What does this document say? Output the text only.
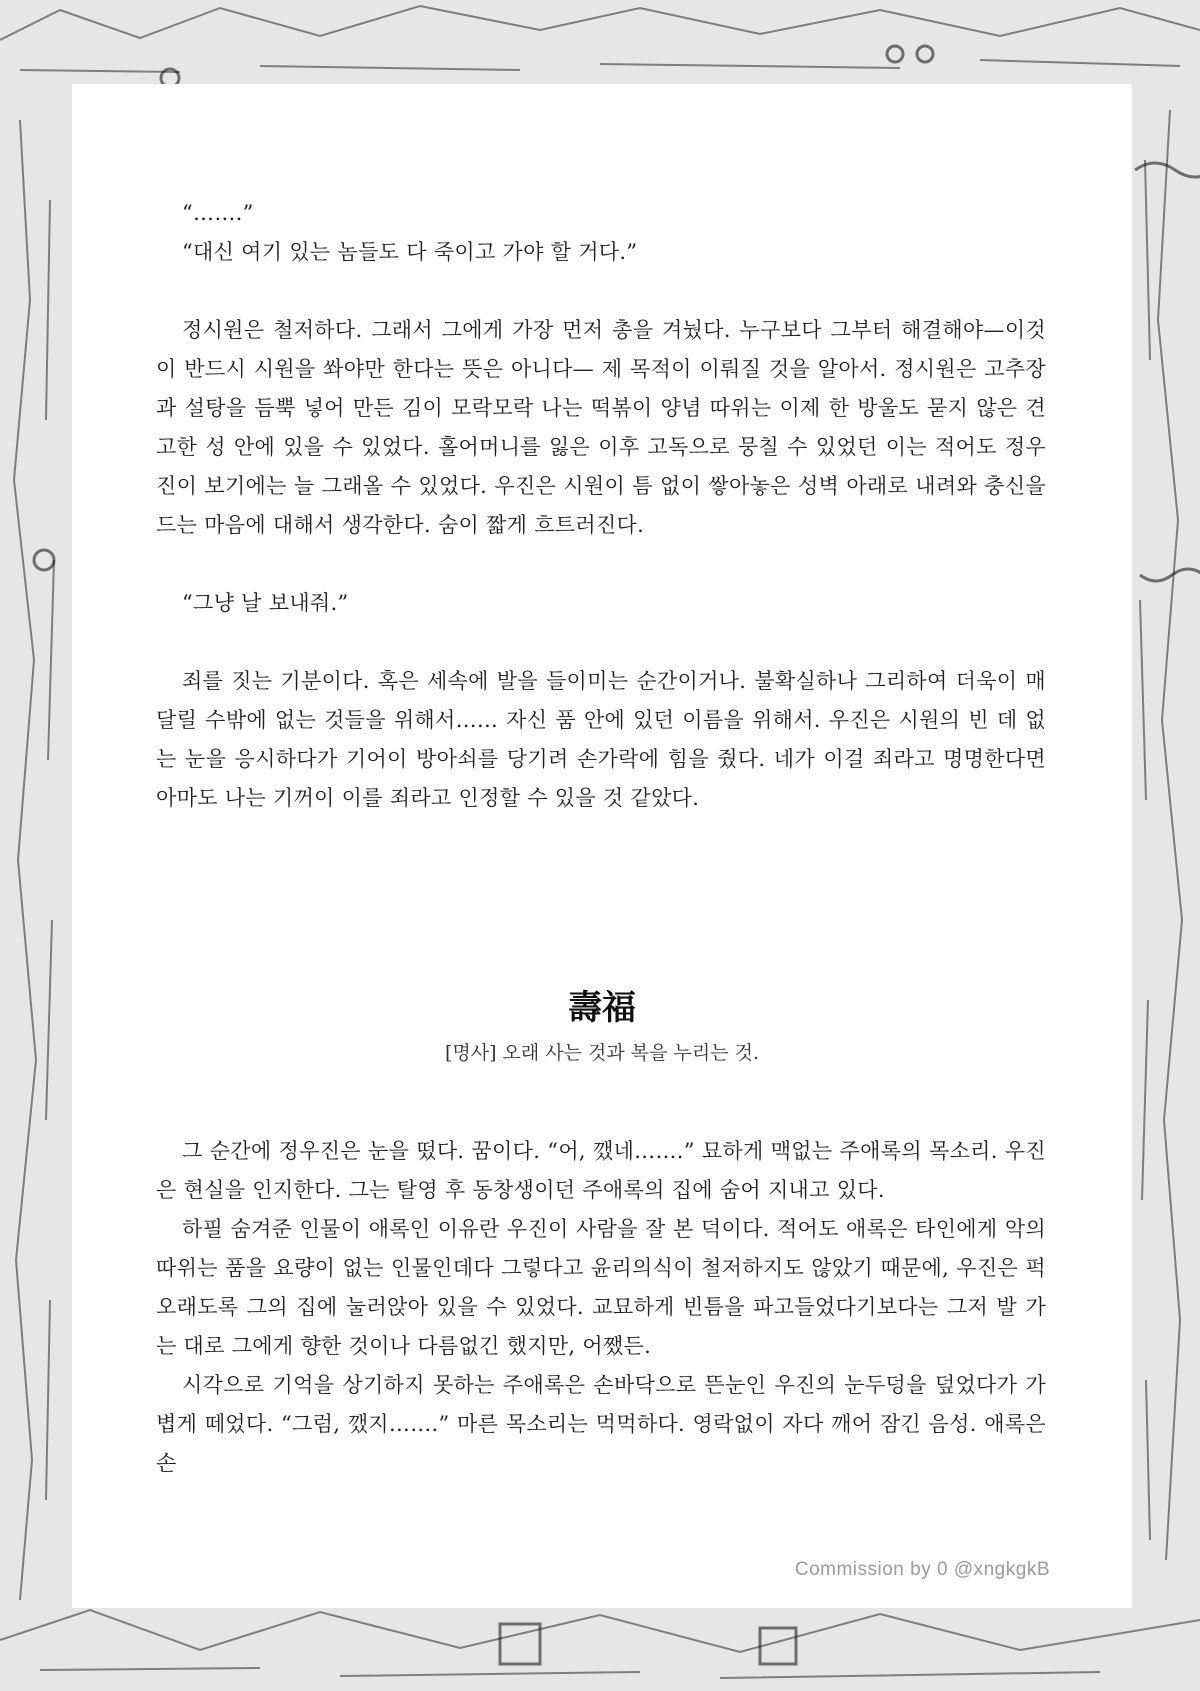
“…….”

“대신 여기 있는 놈들도 다 죽이고 가야 할 거다.”

정시원은 철저하다. 그래서 그에게 가장 먼저 총을 겨눴다. 누구보다 그부터 해결해야—이것이 반드시 시원을 쏴야만 한다는 뜻은 아니다— 제 목적이 이뤄질 것을 알아서. 정시원은 고추장과 설탕을 듬뿍 넣어 만든 김이 모락모락 나는 떡볶이 양념 따위는 이제 한 방울도 묻지 않은 견고한 성 안에 있을 수 있었다. 홀어머니를 잃은 이후 고독으로 뭉칠 수 있었던 이는 적어도 정우진이 보기에는 늘 그래올 수 있었다. 우진은 시원이 틈 없이 쌓아놓은 성벽 아래로 내려와 충신을 드는 마음에 대해서 생각한다. 숨이 짧게 흐트러진다.

“그냥 날 보내줘.”

죄를 짓는 기분이다. 혹은 세속에 발을 들이미는 순간이거나. 불확실하나 그리하여 더욱이 매달릴 수밖에 없는 것들을 위해서…… 자신 품 안에 있던 이름을 위해서. 우진은 시원의 빈 데 없는 눈을 응시하다가 기어이 방아쇠를 당기려 손가락에 힘을 줬다. 네가 이걸 죄라고 명명한다면 아마도 나는 기꺼이 이를 죄라고 인정할 수 있을 것 같았다.

壽福

[명사] 오래 사는 것과 복을 누리는 것.

그 순간에 정우진은 눈을 떴다. 꿈이다. “어, 깼네…….” 묘하게 맥없는 주애록의 목소리. 우진은 현실을 인지한다. 그는 탈영 후 동창생이던 주애록의 집에 숨어 지내고 있다.

하필 숨겨준 인물이 애록인 이유란 우진이 사람을 잘 본 덕이다. 적어도 애록은 타인에게 악의 따위는 품을 요량이 없는 인물인데다 그렇다고 윤리의식이 철저하지도 않았기 때문에, 우진은 퍽 오래도록 그의 집에 눌러앉아 있을 수 있었다. 교묘하게 빈틈을 파고들었다기보다는 그저 발 가는 대로 그에게 향한 것이나 다름없긴 했지만, 어쨌든.

시각으로 기억을 상기하지 못하는 주애록은 손바닥으로 뜬눈인 우진의 눈두덩을 덮었다가 가볍게 떼었다. “그럼, 깼지…….” 마른 목소리는 먹먹하다. 영락없이 자다 깨어 잠긴 음성. 애록은 손

Commission by 0 @xngkgkB
